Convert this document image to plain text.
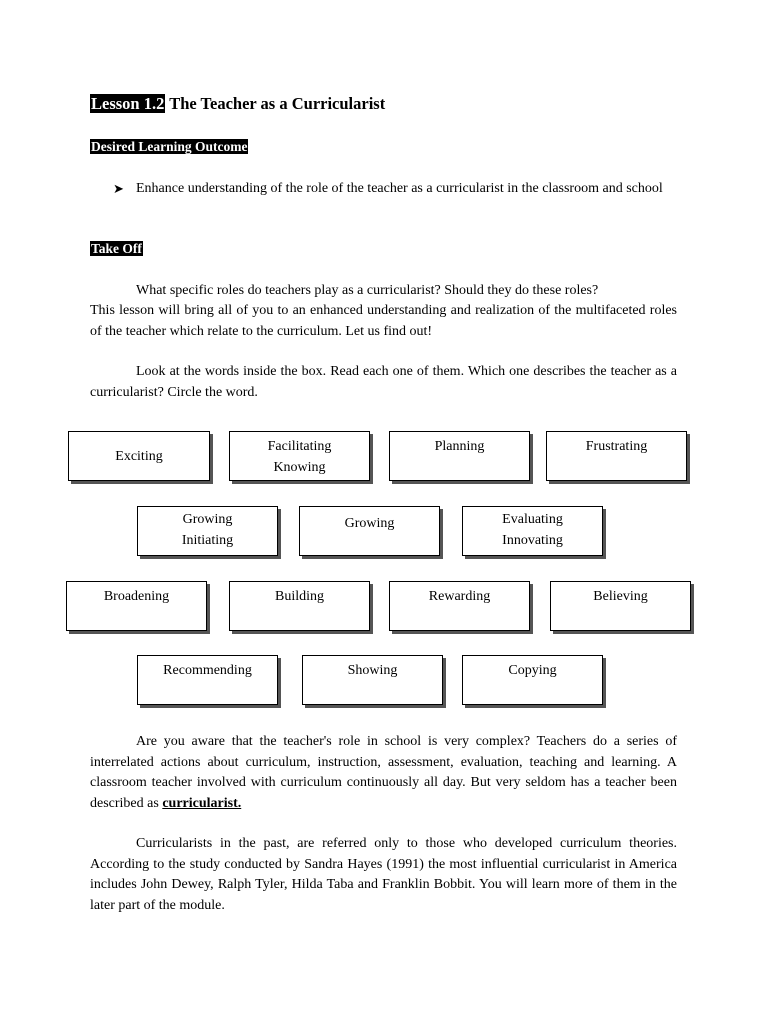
Lesson 1.2 The Teacher as a Curricularist
Desired Learning Outcome
➤ Enhance understanding of the role of the teacher as a curricularist in the classroom and school
Take Off
What specific roles do teachers play as a curricularist? Should they do these roles?
This lesson will bring all of you to an enhanced understanding and realization of the multifaceted roles of the teacher which relate to the curriculum. Let us find out!
Look at the words inside the box. Read each one of them. Which one describes the teacher as a curricularist? Circle the word.
Exciting
Facilitating
Knowing
Planning	Frustrating
Growing
Initiating
Growing	Evaluating
Innovating
Broadening	Building	Rewarding	Believing
Recommending	Showing	Copying
Are you aware that the teacher's role in school is very complex? Teachers do a series of interrelated actions about curriculum, instruction, assessment, evaluation, teaching and learning. A classroom teacher involved with curriculum continuously all day. But very seldom has a teacher been described as curricularist.
Curricularists in the past, are referred only to those who developed curriculum theories. According to the study conducted by Sandra Hayes (1991) the most influential curricularist in America includes John Dewey, Ralph Tyler, Hilda Taba and Franklin Bobbit. You will learn more of them in the later part of the module.
